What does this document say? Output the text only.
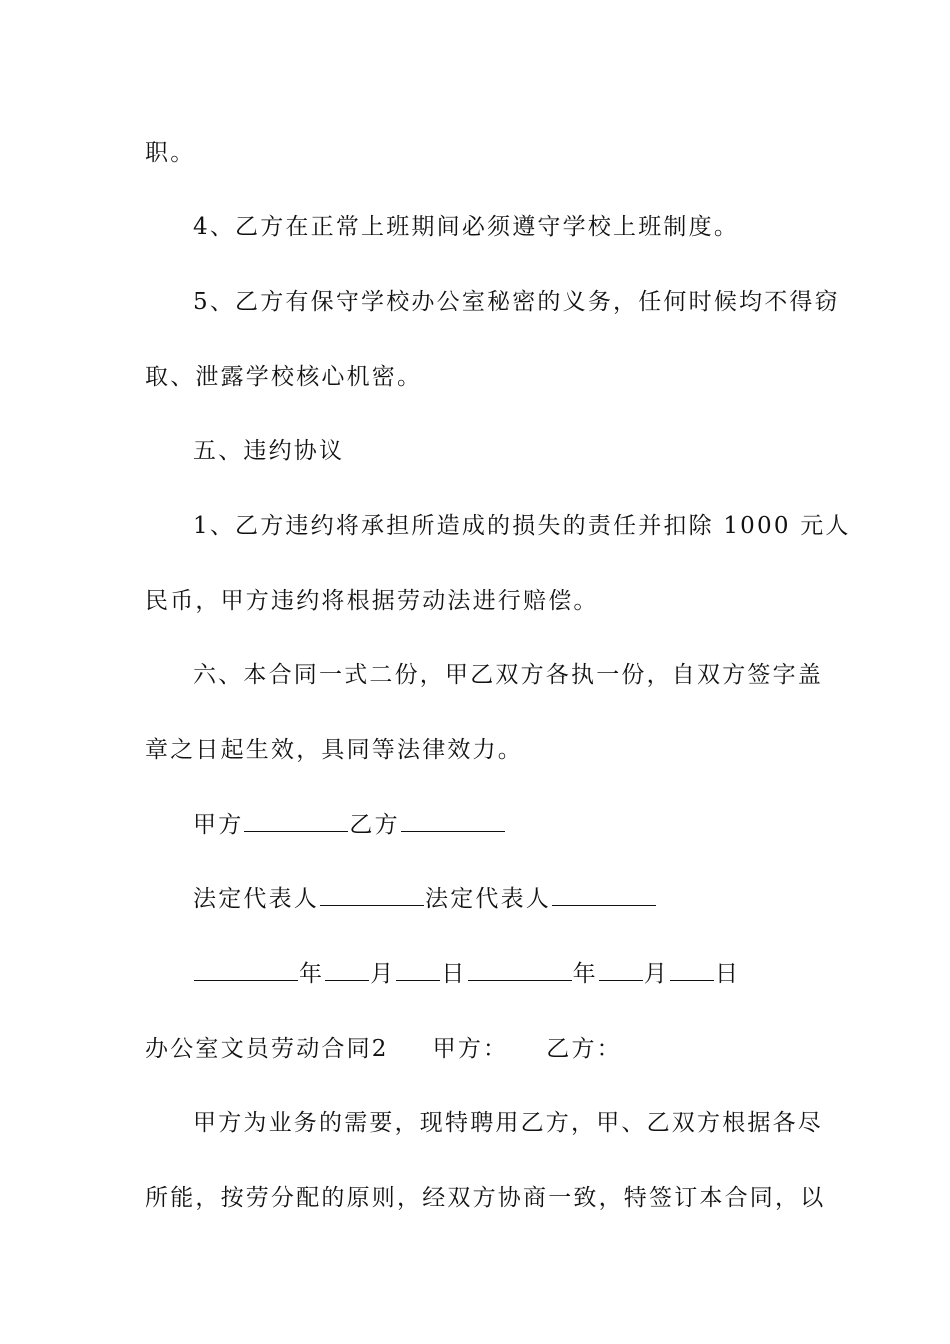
职。
4、乙方在正常上班期间必须遵守学校上班制度。
5、乙方有保守学校办公室秘密的义务，任何时候均不得窃
取、泄露学校核心机密。
五、违约协议
1、乙方违约将承担所造成的损失的责任并扣除 1000 元人
民币，甲方违约将根据劳动法进行赔偿。
六、本合同一式二份，甲乙双方各执一份，自双方签字盖
章之日起生效，具同等法律效力。
甲方	乙方
法定代表人	法定代表人
年 月 日	年 月 日
办公室文员劳动合同2 甲方： 乙方：
甲方为业务的需要，现特聘用乙方，甲、乙双方根据各尽
所能，按劳分配的原则，经双方协商一致，特签订本合同，以
